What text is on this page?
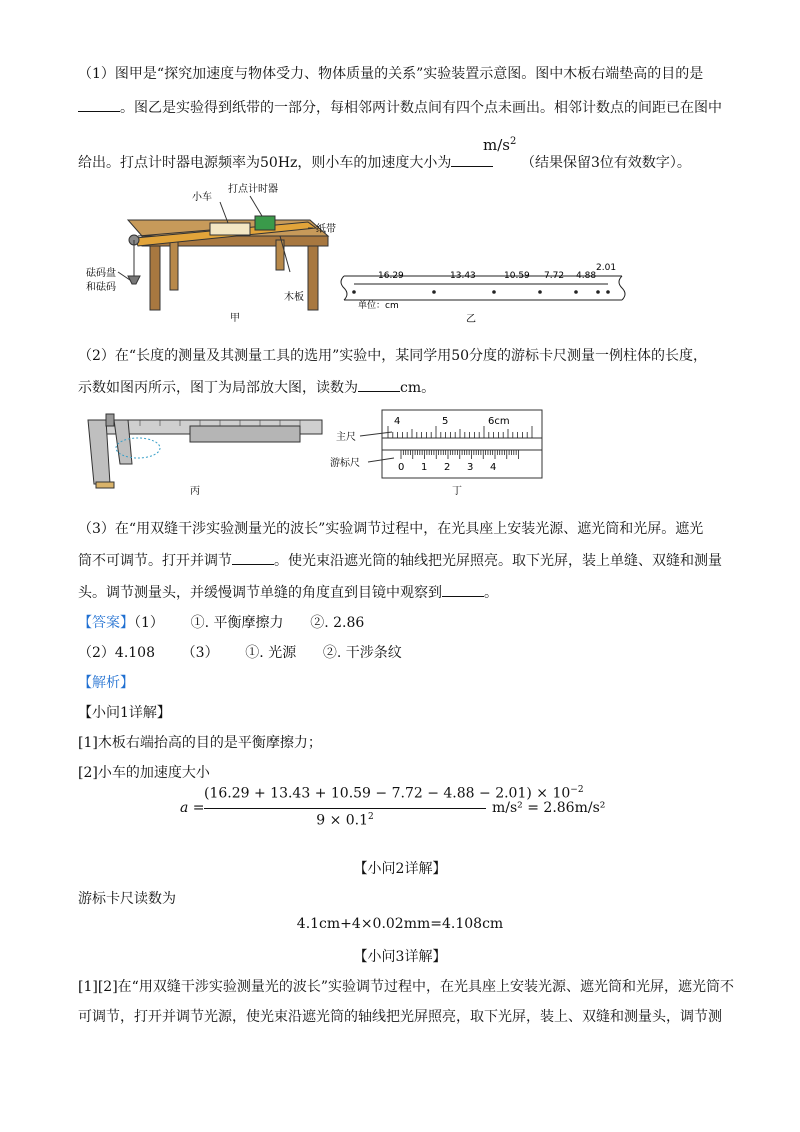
（1）图甲是“探究加速度与物体受力、物体质量的关系”实验装置示意图。图中木板右端垫高的目的是
。图乙是实验得到纸带的一部分，每相邻两计数点间有四个点未画出。相邻计数点的间距已在图中
给出。打点计时器电源频率为50Hz，则小车的加速度大小为
$m/s^2$
（结果保留3位有效数字）。
小车
打点计时器
纸带
砝码盘
和砝码
木板
甲
16.29	13.43	10.59 7.72 4.88
2.01
单位：cm
乙
（2）在“长度的测量及其测量工具的选用”实验中，某同学用50分度的游标卡尺测量一例柱体的长度，
示数如图丙所示，图丁为局部放大图，读数为	cm。
丙
4	5	6cm
0 1 2 3 4
主尺
游标尺
丁
（3）在“用双缝干涉实验测量光的波长”实验调节过程中，在光具座上安装光源、遮光筒和光屏。遮光
筒不可调节。打开并调节	。使光束沿遮光筒的轴线把光屏照亮。取下光屏，装上单缝、双缝和测量
头。调节测量头，并缓慢调节单缝的角度直到目镜中观察到	。
【答案】（1）      ①. 平衡摩擦力      ②. 2.86
（2）4.108      （3）      ①. 光源      ②. 干涉条纹
【解析】
【小问1详解】
[1]木板右端抬高的目的是平衡摩擦力；
[2]小车的加速度大小
a =
$(16.29 + 13.43 + 10.59 - 7.72 - 4.88 - 2.01) \times 10^{-2}$
$9 \times 0.1^2$
m/s² = 2.86m/s²
【小问2详解】
游标卡尺读数为
4.1cm+4×0.02mm=4.108cm
【小问3详解】
[1][2]在“用双缝干涉实验测量光的波长”实验调节过程中，在光具座上安装光源、遮光筒和光屏，遮光筒不
可调节，打开并调节光源，使光束沿遮光筒的轴线把光屏照亮，取下光屏，装上、双缝和测量头，调节测
